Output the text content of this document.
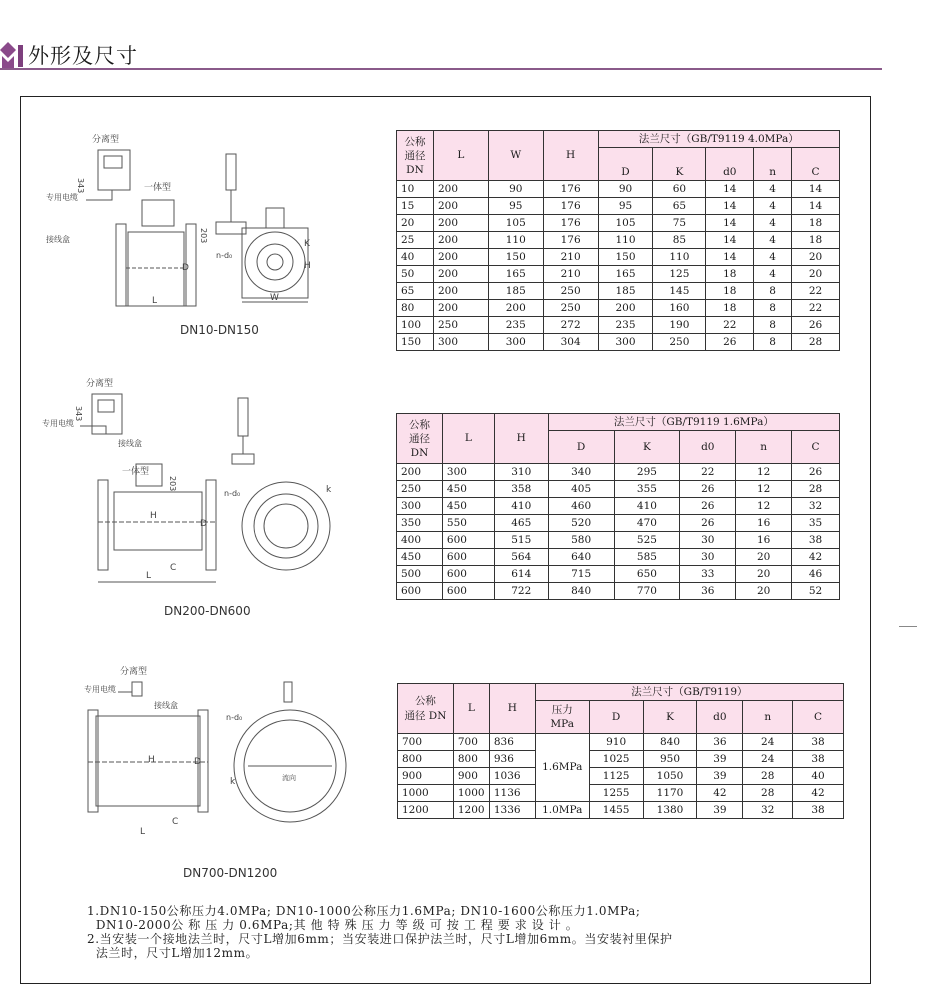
外形及尺寸
分离型
343
专用电缆
一体型
接线盒
D
203
L
n-d₀
K
H
W
DN10-DN150
分离型
343
专用电缆
接线盒
一体型
203
H
D
L
C
n-d₀	k
DN200-DN600
分离型
专用电缆
接线盒
H	D
L
C
n-d₀
k	流向
DN700-DN1200
公称
通径
DN	L	W	H	法兰尺寸（GB/T9119 4.0MPa）				
				D	K	d0	n	C
10	200	90	176	90	60	14	4	14
15	200	95	176	95	65	14	4	14
20	200	105	176	105	75	14	4	18
25	200	110	176	110	85	14	4	18
40	200	150	210	150	110	14	4	20
50	200	165	210	165	125	18	4	20
65	200	185	250	185	145	18	8	22
80	200	200	250	200	160	18	8	22
100	250	235	272	235	190	22	8	26
150	300	300	304	300	250	26	8	28
公称
通径
DN	L	H	法兰尺寸（GB/T9119 1.6MPa）				
			D	K	d0	n	C
200	300	310	340	295	22	12	26
250	450	358	405	355	26	12	28
300	450	410	460	410	26	12	32
350	550	465	520	470	26	16	35
400	600	515	580	525	30	16	38
450	600	564	640	585	30	20	42
500	600	614	715	650	33	20	46
600	600	722	840	770	36	20	52
公称
通径 DN	L	H	法兰尺寸（GB/T9119）					

			压力
MPa	D	K	d0	n	C
700	700	836	1.6MPa	910	840	36	24	38
800	800	936		1025	950	39	24	38
900	900	1036		1125	1050	39	28	40
1000	1000	1136		1255	1170	42	28	42
1200	1200	1336	1.0MPa	1455	1380	39	32	38
1.DN10-150公称压力4.0MPa; DN10-1000公称压力1.6MPa; DN10-1600公称压力1.0MPa;
DN10-2000公 称 压 力 0.6MPa;其 他 特 殊 压 力 等 级 可 按 工 程 要 求 设 计 。
2.当安装一个接地法兰时，尺寸L增加6mm；当安装进口保护法兰时，尺寸L增加6mm。当安装衬里保护
法兰时，尺寸L增加12mm。
